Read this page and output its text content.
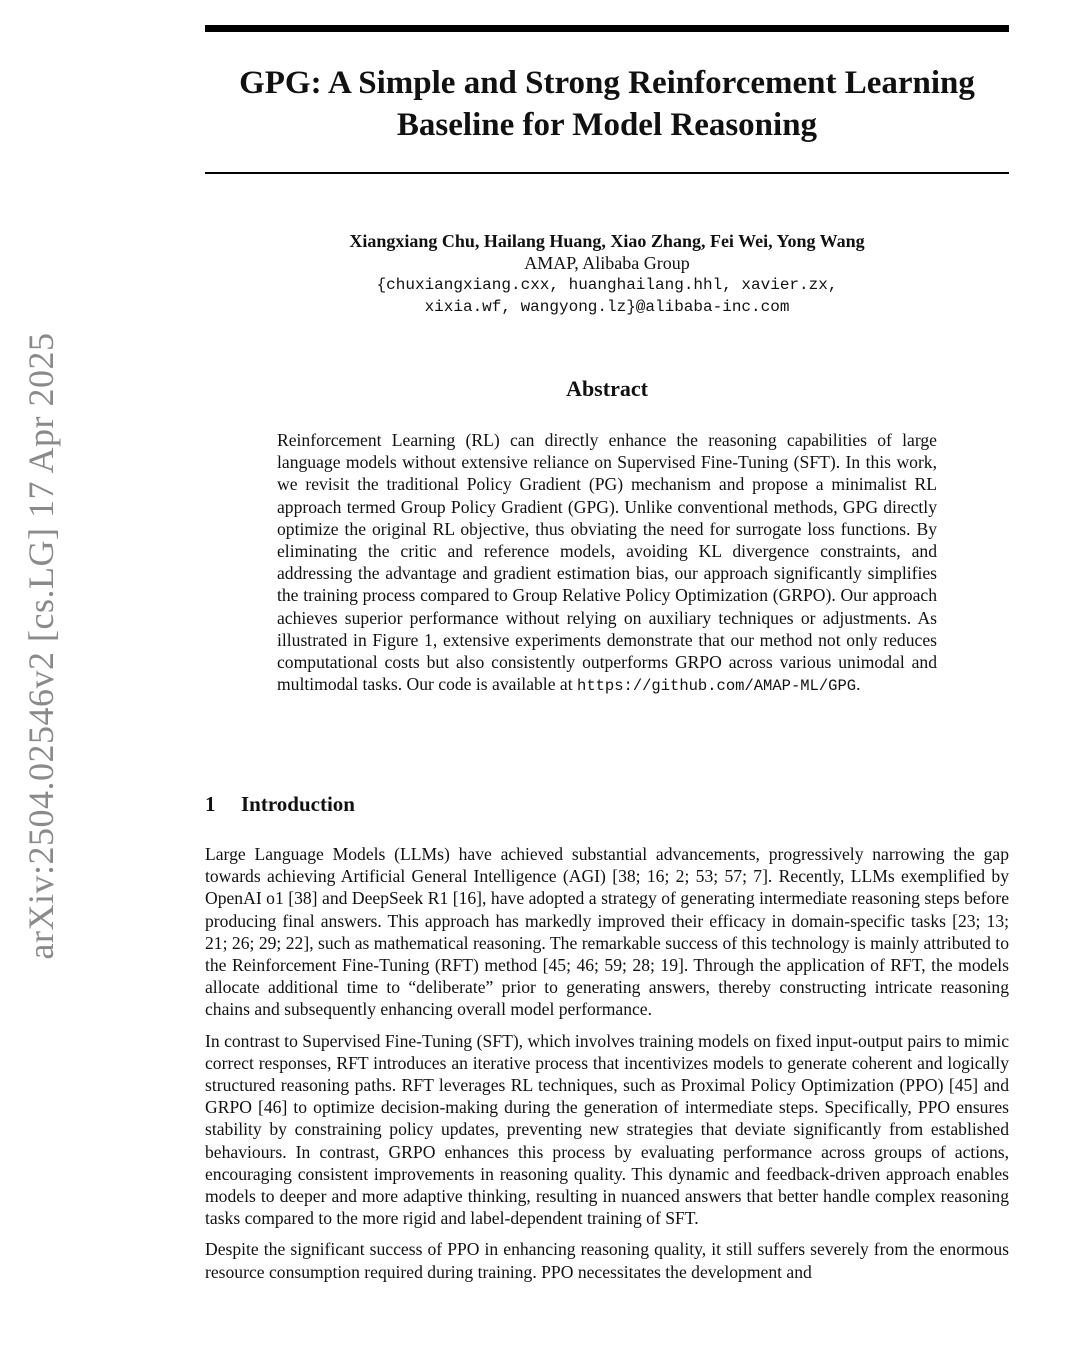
arXiv:2504.02546v2 [cs.LG] 17 Apr 2025
GPG: A Simple and Strong Reinforcement Learning Baseline for Model Reasoning
Xiangxiang Chu, Hailang Huang, Xiao Zhang, Fei Wei, Yong Wang
AMAP, Alibaba Group
{chuxiangxiang.cxx, huanghailang.hhl, xavier.zx,
xixia.wf, wangyong.lz}@alibaba-inc.com
Abstract

Reinforcement Learning (RL) can directly enhance the reasoning capabilities of large language models without extensive reliance on Supervised Fine-Tuning (SFT). In this work, we revisit the traditional Policy Gradient (PG) mechanism and propose a minimalist RL approach termed Group Policy Gradient (GPG). Unlike conventional methods, GPG directly optimize the original RL objective, thus obviating the need for surrogate loss functions. By eliminating the critic and reference models, avoiding KL divergence constraints, and addressing the advantage and gradient estimation bias, our approach significantly simplifies the training process compared to Group Relative Policy Optimization (GRPO). Our approach achieves superior performance without relying on auxiliary techniques or adjustments. As illustrated in Figure 1, extensive experiments demonstrate that our method not only reduces computational costs but also consistently outperforms GRPO across various unimodal and multimodal tasks. Our code is available at https://github.com/AMAP-ML/GPG.

1 Introduction

Large Language Models (LLMs) have achieved substantial advancements, progressively narrowing the gap towards achieving Artificial General Intelligence (AGI) [38; 16; 2; 53; 57; 7]. Recently, LLMs exemplified by OpenAI o1 [38] and DeepSeek R1 [16], have adopted a strategy of generating intermediate reasoning steps before producing final answers. This approach has markedly improved their efficacy in domain-specific tasks [23; 13; 21; 26; 29; 22], such as mathematical reasoning. The remarkable success of this technology is mainly attributed to the Reinforcement Fine-Tuning (RFT) method [45; 46; 59; 28; 19]. Through the application of RFT, the models allocate additional time to “deliberate” prior to generating answers, thereby constructing intricate reasoning chains and subsequently enhancing overall model performance.

In contrast to Supervised Fine-Tuning (SFT), which involves training models on fixed input-output pairs to mimic correct responses, RFT introduces an iterative process that incentivizes models to generate coherent and logically structured reasoning paths. RFT leverages RL techniques, such as Proximal Policy Optimization (PPO) [45] and GRPO [46] to optimize decision-making during the generation of intermediate steps. Specifically, PPO ensures stability by constraining policy updates, preventing new strategies that deviate significantly from established behaviours. In contrast, GRPO enhances this process by evaluating performance across groups of actions, encouraging consistent improvements in reasoning quality. This dynamic and feedback-driven approach enables models to deeper and more adaptive thinking, resulting in nuanced answers that better handle complex reasoning tasks compared to the more rigid and label-dependent training of SFT.

Despite the significant success of PPO in enhancing reasoning quality, it still suffers severely from the enormous resource consumption required during training. PPO necessitates the development and
